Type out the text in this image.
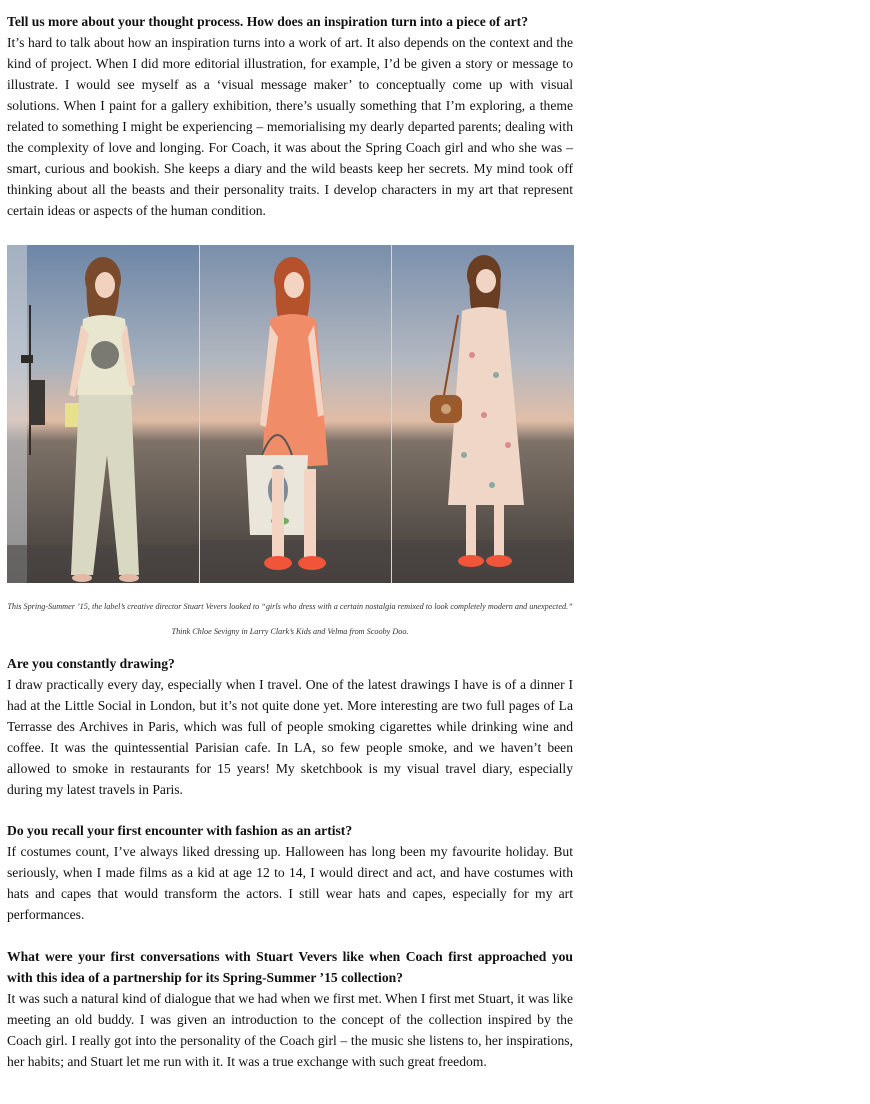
Tell us more about your thought process. How does an inspiration turn into a piece of art?

It’s hard to talk about how an inspiration turns into a work of art. It also depends on the context and the kind of project. When I did more editorial illustration, for example, I’d be given a story or message to illustrate. I would see myself as a ‘visual message maker’ to conceptually come up with visual solutions. When I paint for a gallery exhibition, there’s usually something that I’m exploring, a theme related to something I might be experiencing – memorialising my dearly departed parents; dealing with the complexity of love and longing. For Coach, it was about the Spring Coach girl and who she was – smart, curious and bookish. She keeps a diary and the wild beasts keep her secrets. My mind took off thinking about all the beasts and their personality traits. I develop characters in my art that represent certain ideas or aspects of the human condition.

This Spring-Summer ’15, the label’s creative director Stuart Vevers looked to “girls who dress with a certain nostalgia remixed to look completely modern and unexpected.” Think Chloe Sevigny in Larry Clark’s Kids and Velma from Scooby Doo.

Are you constantly drawing?

I draw practically every day, especially when I travel. One of the latest drawings I have is of a dinner I had at the Little Social in London, but it’s not quite done yet. More interesting are two full pages of La Terrasse des Archives in Paris, which was full of people smoking cigarettes while drinking wine and coffee. It was the quintessential Parisian cafe. In LA, so few people smoke, and we haven’t been allowed to smoke in restaurants for 15 years! My sketchbook is my visual travel diary, especially during my latest travels in Paris.

Do you recall your first encounter with fashion as an artist?

If costumes count, I’ve always liked dressing up. Halloween has long been my favourite holiday. But seriously, when I made films as a kid at age 12 to 14, I would direct and act, and have costumes with hats and capes that would transform the actors. I still wear hats and capes, especially for my art performances.

What were your first conversations with Stuart Vevers like when Coach first approached you with this idea of a partnership for its Spring-Summer ’15 collection?

It was such a natural kind of dialogue that we had when we first met. When I first met Stuart, it was like meeting an old buddy. I was given an introduction to the concept of the collection inspired by the Coach girl. I really got into the personality of the Coach girl – the music she listens to, her inspirations, her habits; and Stuart let me run with it. It was a true exchange with such great freedom.
